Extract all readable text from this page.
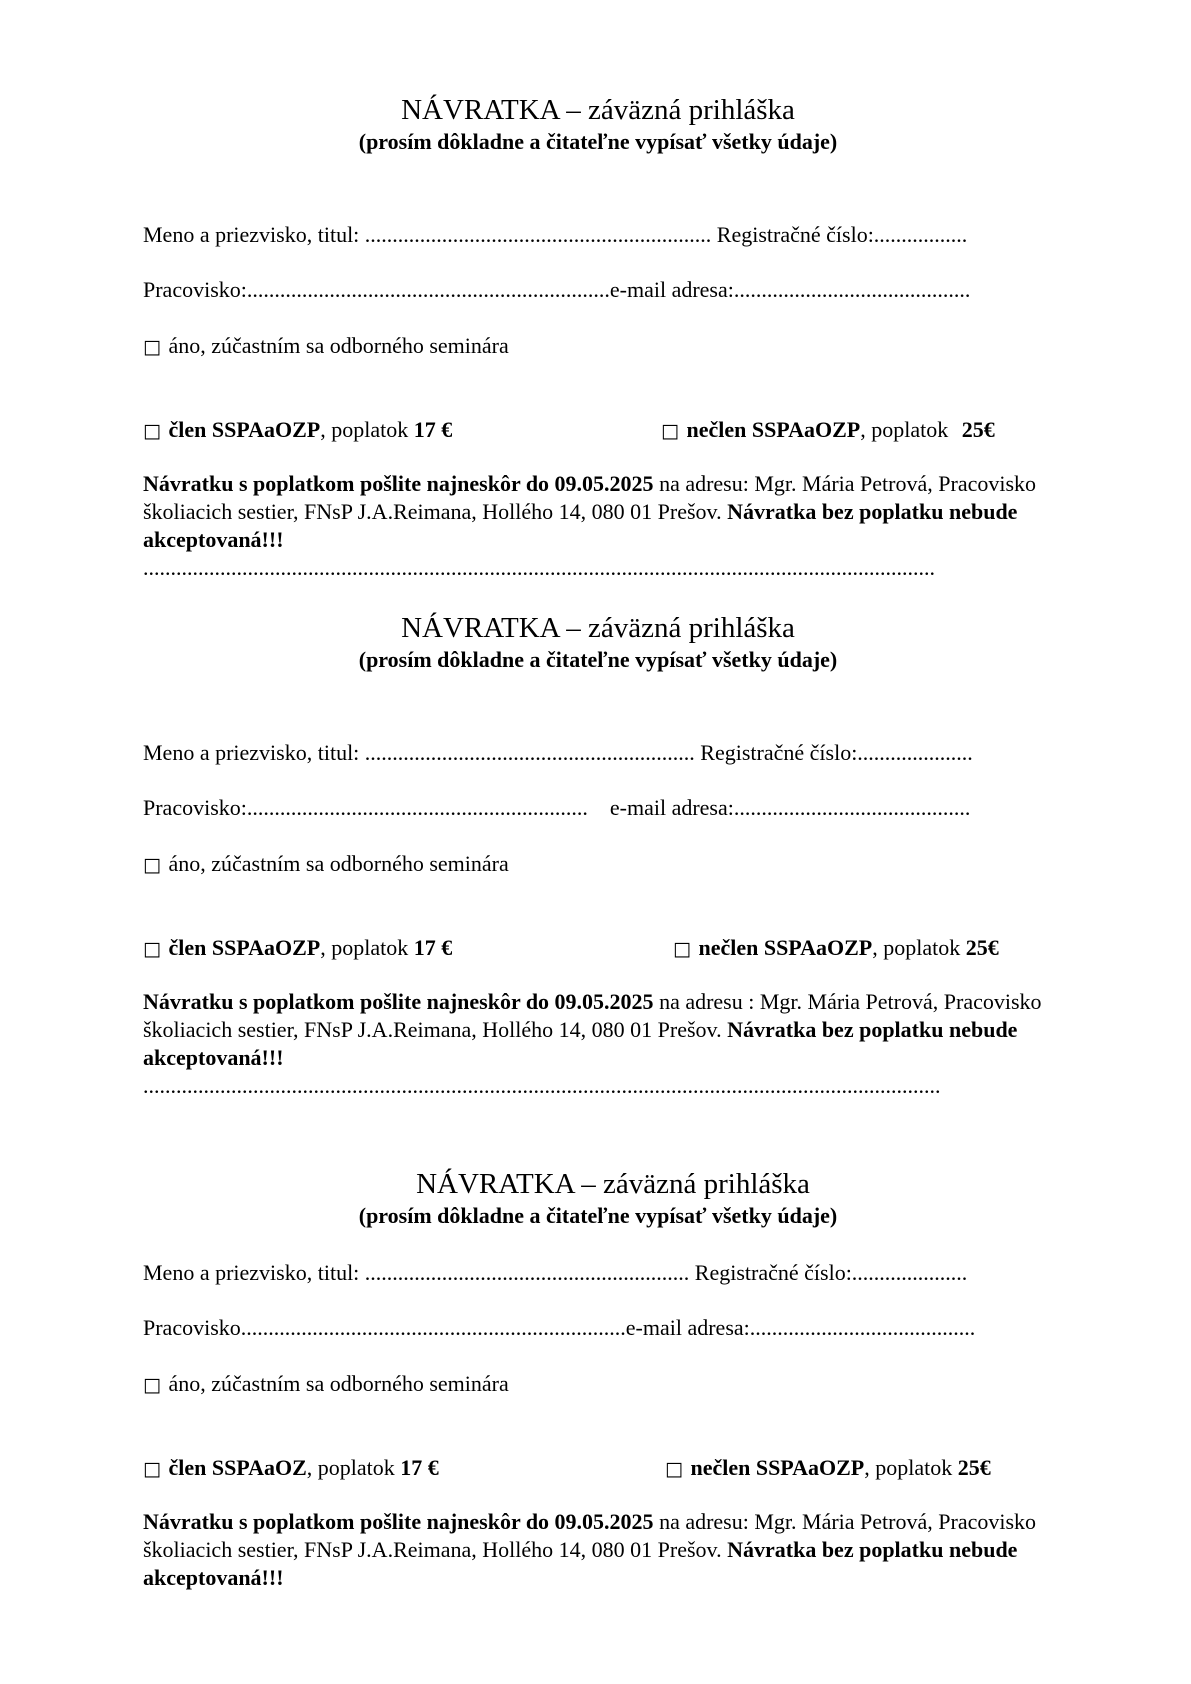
NÁVRATKA – záväzná prihláška
(prosím dôkladne a čitateľne vypísať všetky údaje)
Meno a priezvisko, titul: ............................................................... Registračné číslo:.................
Pracovisko:..................................................................e-mail adresa:...........................................
□ áno, zúčastním sa odborného seminára
□ člen SSPAaOZP, poplatok 17 €	□ nečlen SSPAaOZP, poplatok 25€
Návratku s poplatkom pošlite najneskôr do 09.05.2025 na adresu: Mgr. Mária Petrová, Pracovisko školiacich sestier, FNsP J.A.Reimana, Hollého 14, 080 01 Prešov. Návratka bez poplatku nebude akceptovaná!!!
................................................................................................................................................
NÁVRATKA – záväzná prihláška
(prosím dôkladne a čitateľne vypísať všetky údaje)
Meno a priezvisko, titul: ............................................................ Registračné číslo:.....................
Pracovisko:..............................................................    e-mail adresa:...........................................
□ áno, zúčastním sa odborného seminára
□ člen SSPAaOZP, poplatok 17 €	□ nečlen SSPAaOZP, poplatok 25€
Návratku s poplatkom pošlite najneskôr do 09.05.2025 na adresu : Mgr. Mária Petrová, Pracovisko školiacich sestier, FNsP J.A.Reimana, Hollého 14, 080 01 Prešov. Návratka bez poplatku nebude akceptovaná!!!
.................................................................................................................................................
NÁVRATKA – záväzná prihláška
(prosím dôkladne a čitateľne vypísať všetky údaje)
Meno a priezvisko, titul: ........................................................... Registračné číslo:.....................
Pracovisko......................................................................e-mail adresa:.........................................
□ áno, zúčastním sa odborného seminára
□ člen SSPAaOZ, poplatok 17 €	□ nečlen SSPAaOZP, poplatok 25€
Návratku s poplatkom pošlite najneskôr do 09.05.2025 na adresu: Mgr. Mária Petrová, Pracovisko školiacich sestier, FNsP J.A.Reimana, Hollého 14, 080 01 Prešov. Návratka bez poplatku nebude akceptovaná!!!
